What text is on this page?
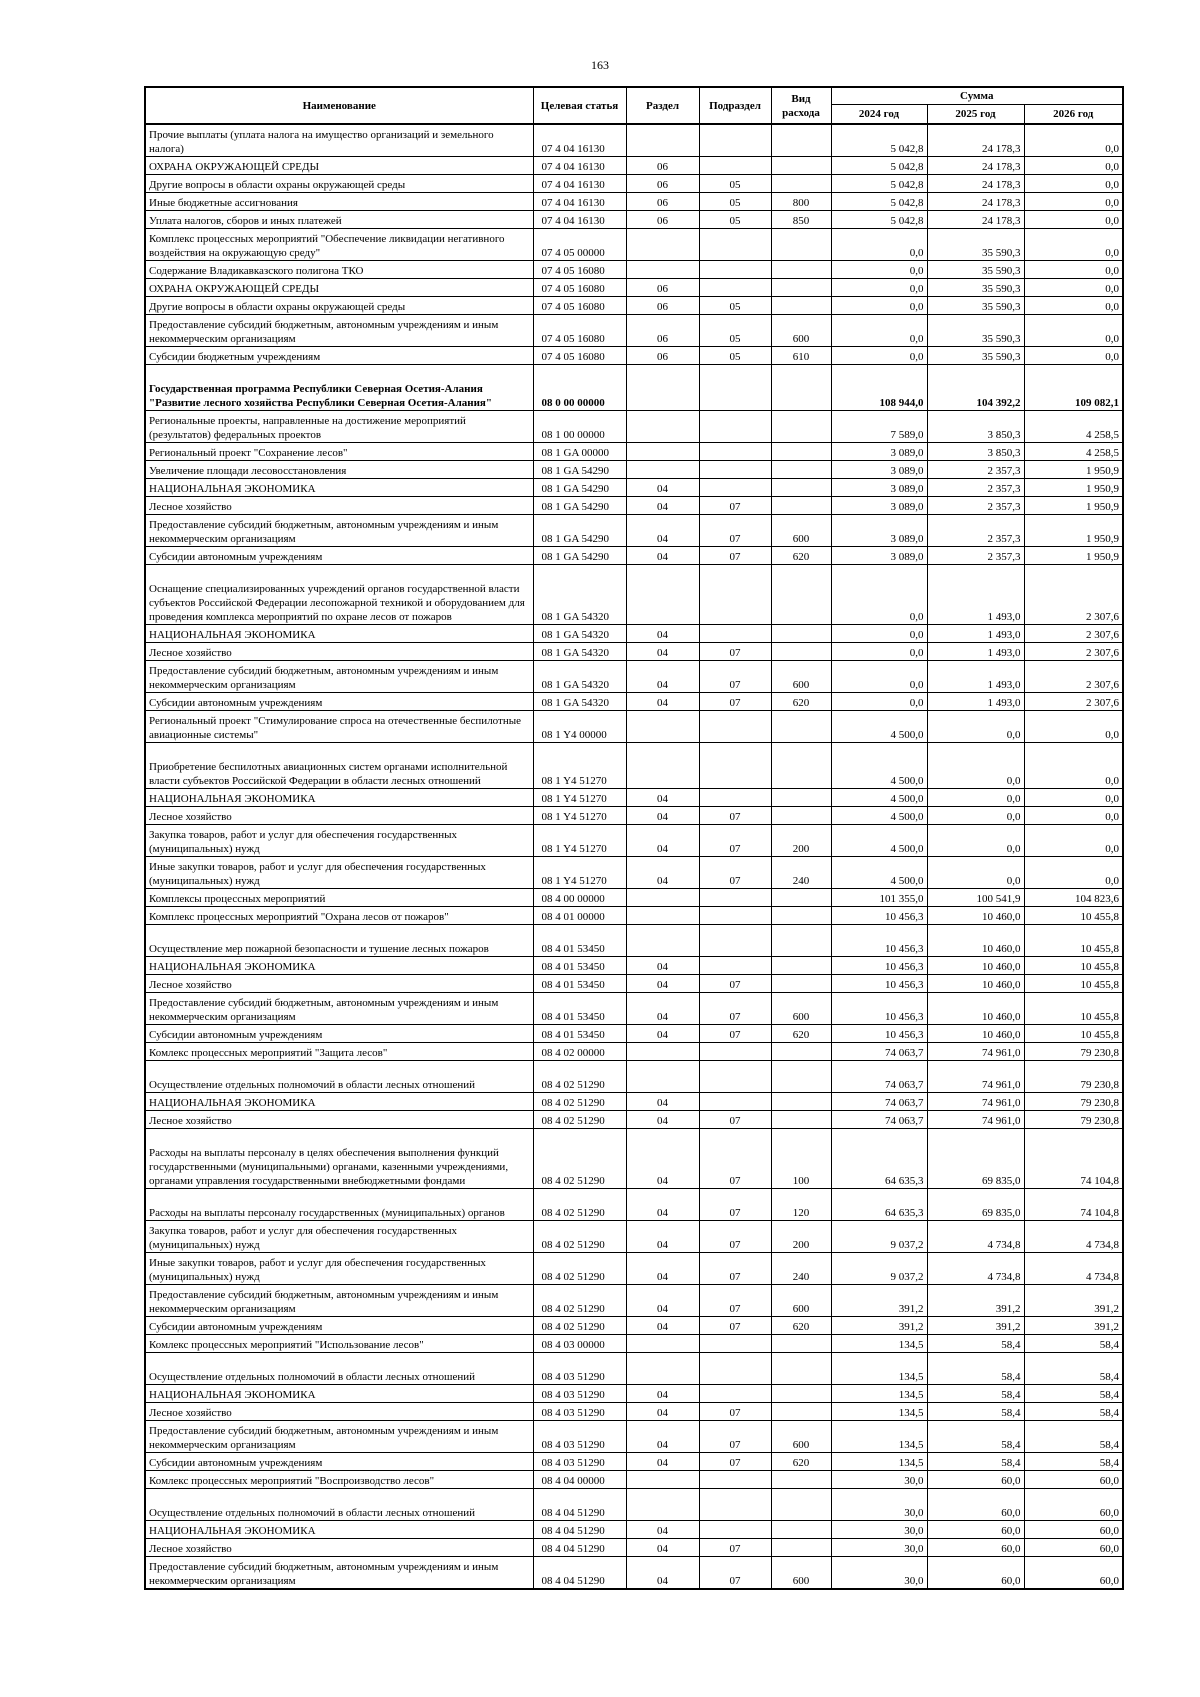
163
Наименование	Целевая статья	Раздел	Подраздел	Вид расхода	Сумма		
					2024 год	2025 год	2026 год
Прочие выплаты (уплата налога на имущество организаций и земельного налога)	07 4 04 16130				5 042,8	24 178,3	0,0
ОХРАНА ОКРУЖАЮЩЕЙ СРЕДЫ	07 4 04 16130	06			5 042,8	24 178,3	0,0
Другие вопросы в области охраны окружающей среды	07 4 04 16130	06	05		5 042,8	24 178,3	0,0
Иные бюджетные ассигнования	07 4 04 16130	06	05	800	5 042,8	24 178,3	0,0
Уплата налогов, сборов и иных платежей	07 4 04 16130	06	05	850	5 042,8	24 178,3	0,0
Комплекс процессных мероприятий "Обеспечение ликвидации негативного воздействия на окружающую среду"	07 4 05 00000				0,0	35 590,3	0,0
Содержание Владикавказского полигона ТКО	07 4 05 16080				0,0	35 590,3	0,0
ОХРАНА ОКРУЖАЮЩЕЙ СРЕДЫ	07 4 05 16080	06			0,0	35 590,3	0,0
Другие вопросы в области охраны окружающей среды	07 4 05 16080	06	05		0,0	35 590,3	0,0
Предоставление субсидий бюджетным, автономным учреждениям и иным некоммерческим организациям	07 4 05 16080	06	05	600	0,0	35 590,3	0,0
Субсидии бюджетным учреждениям	07 4 05 16080	06	05	610	0,0	35 590,3	0,0
Государственная программа Республики Северная Осетия-Алания "Развитие лесного хозяйства Республики Северная Осетия-Алания"	08 0 00 00000				108 944,0	104 392,2	109 082,1
Региональные проекты, направленные на достижение мероприятий (результатов) федеральных проектов	08 1 00 00000				7 589,0	3 850,3	4 258,5
Региональный проект "Сохранение лесов"	08 1 GA 00000				3 089,0	3 850,3	4 258,5
Увеличение площади лесовосстановления	08 1 GA 54290				3 089,0	2 357,3	1 950,9
НАЦИОНАЛЬНАЯ ЭКОНОМИКА	08 1 GA 54290	04			3 089,0	2 357,3	1 950,9
Лесное хозяйство	08 1 GA 54290	04	07		3 089,0	2 357,3	1 950,9
Предоставление субсидий бюджетным, автономным учреждениям и иным некоммерческим организациям	08 1 GA 54290	04	07	600	3 089,0	2 357,3	1 950,9
Субсидии автономным учреждениям	08 1 GA 54290	04	07	620	3 089,0	2 357,3	1 950,9
Оснащение специализированных учреждений органов государственной власти субъектов Российской Федерации лесопожарной техникой и оборудованием для проведения комплекса мероприятий по охране лесов от пожаров	08 1 GA 54320				0,0	1 493,0	2 307,6
НАЦИОНАЛЬНАЯ ЭКОНОМИКА	08 1 GA 54320	04			0,0	1 493,0	2 307,6
Лесное хозяйство	08 1 GA 54320	04	07		0,0	1 493,0	2 307,6
Предоставление субсидий бюджетным, автономным учреждениям и иным некоммерческим организациям	08 1 GA 54320	04	07	600	0,0	1 493,0	2 307,6
Субсидии автономным учреждениям	08 1 GA 54320	04	07	620	0,0	1 493,0	2 307,6
Региональный проект "Стимулирование спроса на отечественные беспилотные авиационные системы"	08 1 Y4 00000				4 500,0	0,0	0,0
Приобретение беспилотных авиационных систем органами исполнительной власти субъектов Российской Федерации в области лесных отношений	08 1 Y4 51270				4 500,0	0,0	0,0
НАЦИОНАЛЬНАЯ ЭКОНОМИКА	08 1 Y4 51270	04			4 500,0	0,0	0,0
Лесное хозяйство	08 1 Y4 51270	04	07		4 500,0	0,0	0,0
Закупка товаров, работ и услуг для обеспечения государственных (муниципальных) нужд	08 1 Y4 51270	04	07	200	4 500,0	0,0	0,0
Иные закупки товаров, работ и услуг для обеспечения государственных (муниципальных) нужд	08 1 Y4 51270	04	07	240	4 500,0	0,0	0,0
Комплексы процессных мероприятий	08 4 00 00000				101 355,0	100 541,9	104 823,6
Комплекс процессных мероприятий "Охрана лесов от пожаров"	08 4 01 00000				10 456,3	10 460,0	10 455,8
Осуществление мер пожарной безопасности и тушение лесных пожаров	08 4 01 53450				10 456,3	10 460,0	10 455,8
НАЦИОНАЛЬНАЯ ЭКОНОМИКА	08 4 01 53450	04			10 456,3	10 460,0	10 455,8
Лесное хозяйство	08 4 01 53450	04	07		10 456,3	10 460,0	10 455,8
Предоставление субсидий бюджетным, автономным учреждениям и иным некоммерческим организациям	08 4 01 53450	04	07	600	10 456,3	10 460,0	10 455,8
Субсидии автономным учреждениям	08 4 01 53450	04	07	620	10 456,3	10 460,0	10 455,8
Комлекс процессных мероприятий "Защита лесов"	08 4 02 00000				74 063,7	74 961,0	79 230,8
Осуществление отдельных полномочий в области лесных отношений	08 4 02 51290				74 063,7	74 961,0	79 230,8
НАЦИОНАЛЬНАЯ ЭКОНОМИКА	08 4 02 51290	04			74 063,7	74 961,0	79 230,8
Лесное хозяйство	08 4 02 51290	04	07		74 063,7	74 961,0	79 230,8
Расходы на выплаты персоналу в целях обеспечения выполнения функций государственными (муниципальными) органами, казенными учреждениями, органами управления государственными внебюджетными фондами	08 4 02 51290	04	07	100	64 635,3	69 835,0	74 104,8
Расходы на выплаты персоналу государственных (муниципальных) органов	08 4 02 51290	04	07	120	64 635,3	69 835,0	74 104,8
Закупка товаров, работ и услуг для обеспечения государственных (муниципальных) нужд	08 4 02 51290	04	07	200	9 037,2	4 734,8	4 734,8
Иные закупки товаров, работ и услуг для обеспечения государственных (муниципальных) нужд	08 4 02 51290	04	07	240	9 037,2	4 734,8	4 734,8
Предоставление субсидий бюджетным, автономным учреждениям и иным некоммерческим организациям	08 4 02 51290	04	07	600	391,2	391,2	391,2
Субсидии автономным учреждениям	08 4 02 51290	04	07	620	391,2	391,2	391,2
Комлекс процессных мероприятий "Использование лесов"	08 4 03 00000				134,5	58,4	58,4
Осуществление отдельных полномочий в области лесных отношений	08 4 03 51290				134,5	58,4	58,4
НАЦИОНАЛЬНАЯ ЭКОНОМИКА	08 4 03 51290	04			134,5	58,4	58,4
Лесное хозяйство	08 4 03 51290	04	07		134,5	58,4	58,4
Предоставление субсидий бюджетным, автономным учреждениям и иным некоммерческим организациям	08 4 03 51290	04	07	600	134,5	58,4	58,4
Субсидии автономным учреждениям	08 4 03 51290	04	07	620	134,5	58,4	58,4
Комлекс процессных мероприятий "Воспроизводство лесов"	08 4 04 00000				30,0	60,0	60,0
Осуществление отдельных полномочий в области лесных отношений	08 4 04 51290				30,0	60,0	60,0
НАЦИОНАЛЬНАЯ ЭКОНОМИКА	08 4 04 51290	04			30,0	60,0	60,0
Лесное хозяйство	08 4 04 51290	04	07		30,0	60,0	60,0
Предоставление субсидий бюджетным, автономным учреждениям и иным некоммерческим организациям	08 4 04 51290	04	07	600	30,0	60,0	60,0
